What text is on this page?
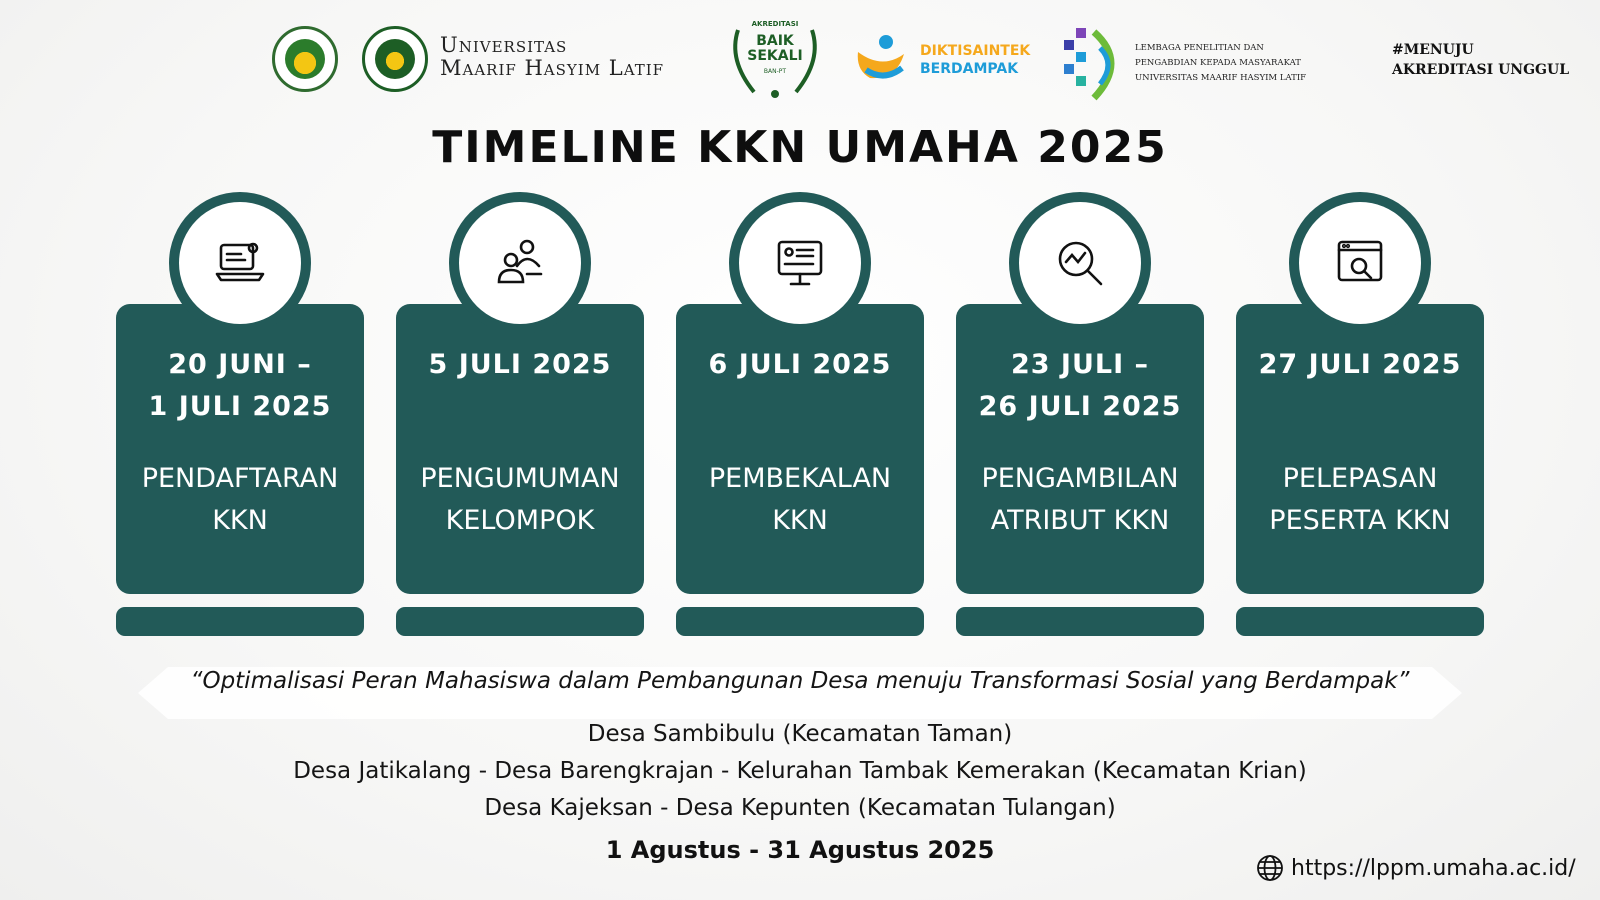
Universitas
Maarif Hasyim Latif
AKREDITASI
BAIK
SEKALI
BAN-PT
DIKTISAINTEK
BERDAMPAK
LEMBAGA PENELITIAN DAN
PENGABDIAN KEPADA MASYARAKAT
UNIVERSITAS MAARIF HASYIM LATIF
#MENUJU
AKREDITASI UNGGUL
TIMELINE KKN UMAHA 2025
20 JUNI –
1 JULI 2025
PENDAFTARAN
KKN
5 JULI 2025
PENGUMUMAN
KELOMPOK
6 JULI 2025
PEMBEKALAN
KKN
23 JULI –
26 JULI 2025
PENGAMBILAN
ATRIBUT KKN
27 JULI 2025
PELEPASAN
PESERTA KKN
“Optimalisasi Peran Mahasiswa dalam Pembangunan Desa menuju Transformasi Sosial yang Berdampak”
Desa Sambibulu (Kecamatan Taman)
Desa Jatikalang - Desa Barengkrajan - Kelurahan Tambak Kemerakan (Kecamatan Krian)
Desa Kajeksan - Desa Kepunten (Kecamatan Tulangan)
1 Agustus - 31 Agustus 2025
https://lppm.umaha.ac.id/
